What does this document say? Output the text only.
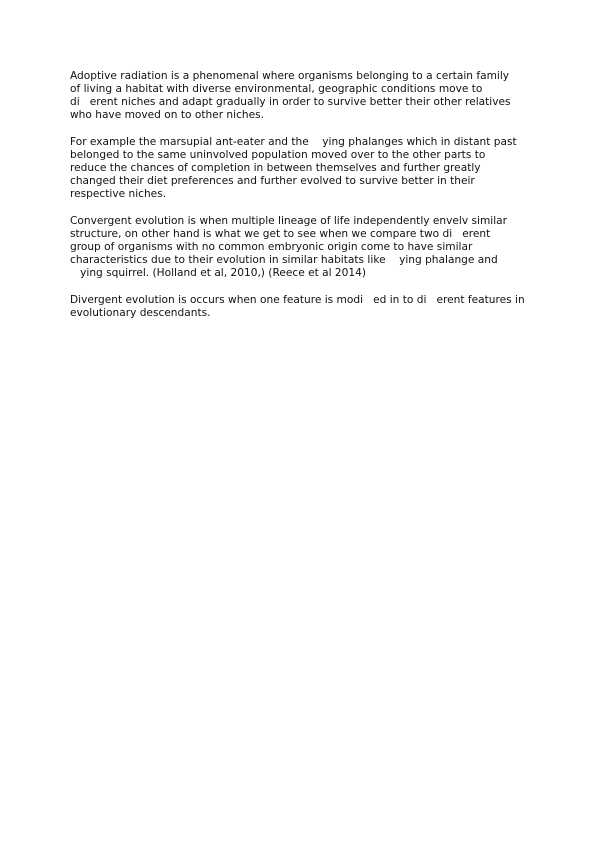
Adoptive radiation is a phenomenal where organisms belonging to a certain family
of living a habitat with diverse environmental, geographic conditions move to
di   erent niches and adapt gradually in order to survive better their other relatives
who have moved on to other niches.

For example the marsupial ant-eater and the    ying phalanges which in distant past
belonged to the same uninvolved population moved over to the other parts to
reduce the chances of completion in between themselves and further greatly
changed their diet preferences and further evolved to survive better in their
respective niches.

Convergent evolution is when multiple lineage of life independently envelv similar
structure, on other hand is what we get to see when we compare two di   erent
group of organisms with no common embryonic origin come to have similar
characteristics due to their evolution in similar habitats like    ying phalange and
ying squirrel. (Holland et al, 2010,) (Reece et al 2014)

Divergent evolution is occurs when one feature is modi   ed in to di   erent features in
evolutionary descendants.
